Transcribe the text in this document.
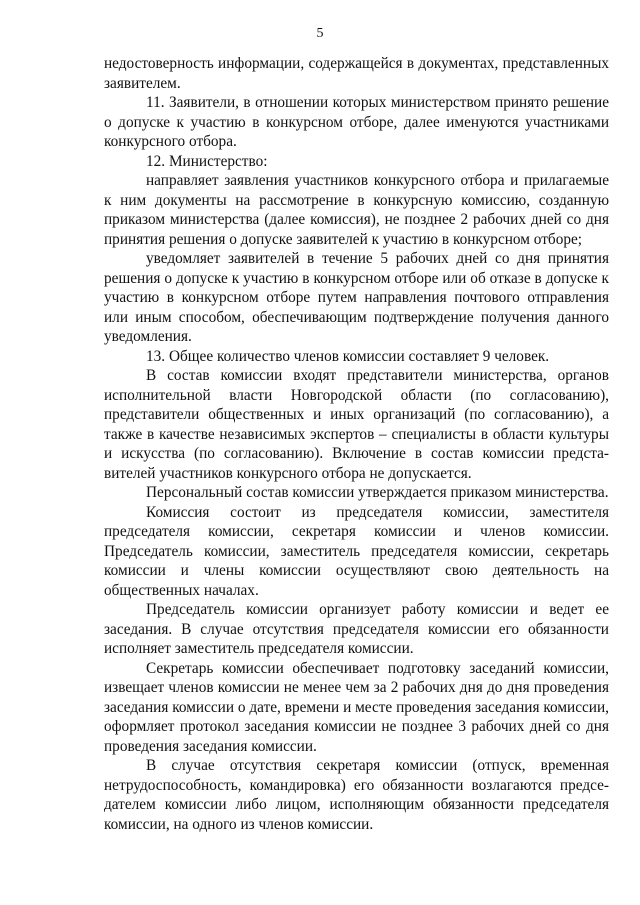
5

недостоверность информации, содержащейся в документах, представленных заявителем.

11. Заявители, в отношении которых министерством принято решение о допуске к участию в конкурсном отборе, далее именуются участниками конкурсного отбора.

12. Министерство:

направляет заявления участников конкурсного отбора и прилагаемые к ним документы на рассмотрение в конкурсную комиссию, созданную приказом министерства (далее комиссия), не позднее 2 рабочих дней со дня принятия решения о допуске заявителей к участию в конкурсном отборе;

уведомляет заявителей в течение 5 рабочих дней со дня принятия решения о допуске к участию в конкурсном отборе или об отказе в допуске к участию в конкурсном отборе путем направления почтового отправления или иным способом, обеспечивающим подтверждение получения данного уведомления.

13. Общее количество членов комиссии составляет 9 человек.

В состав комиссии входят представители министерства, органов исполнительной власти Новгородской области (по согласованию), представители общественных и иных организаций (по согласованию), а также в качестве независимых экспертов – специалисты в области культуры и искусства (по согласованию). Включение в состав комиссии представителей участников конкурсного отбора не допускается.

Персональный состав комиссии утверждается приказом министерства.

Комиссия состоит из председателя комиссии, заместителя председателя комиссии, секретаря комиссии и членов комиссии. Председатель комиссии, заместитель председателя комиссии, секретарь комиссии и члены комиссии осуществляют свою деятельность на общественных началах.

Председатель комиссии организует работу комиссии и ведет ее заседания. В случае отсутствия председателя комиссии его обязанности исполняет заместитель председателя комиссии.

Секретарь комиссии обеспечивает подготовку заседаний комиссии, извещает членов комиссии не менее чем за 2 рабочих дня до дня проведения заседания комиссии о дате, времени и месте проведения заседания комиссии, оформляет протокол заседания комиссии не позднее 3 рабочих дней со дня проведения заседания комиссии.

В случае отсутствия секретаря комиссии (отпуск, временная нетрудоспособность, командировка) его обязанности возлагаются председателем комиссии либо лицом, исполняющим обязанности председателя комиссии, на одного из членов комиссии.
